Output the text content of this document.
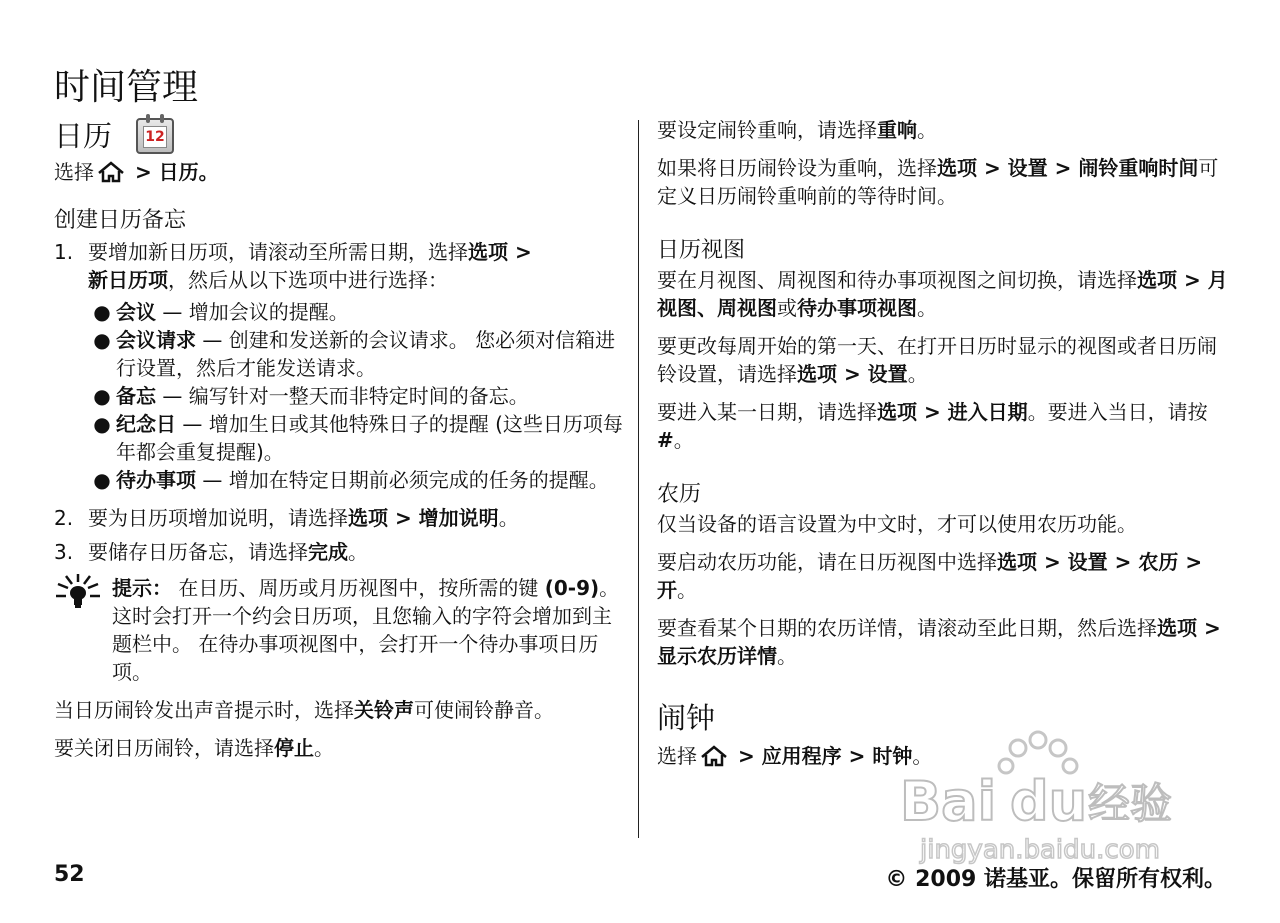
时间管理
日历 12

选择 > 日历。

创建日历备忘
1. 要增加新日历项，请滚动至所需日期，选择选项 >
新日历项，然后从以下选项中进行选择：
● 会议 — 增加会议的提醒。
● 会议请求 — 创建和发送新的会议请求。 您必须对信箱进行设置，然后才能发送请求。
● 备忘 — 编写针对一整天而非特定时间的备忘。
● 纪念日 — 增加生日或其他特殊日子的提醒 (这些日历项每年都会重复提醒)。
● 待办事项 — 增加在特定日期前必须完成的任务的提醒。
2. 要为日历项增加说明，请选择选项 > 增加说明。
3. 要储存日历备忘，请选择完成。

提示： 在日历、周历或月历视图中，按所需的键 (0-9)。 这时会打开一个约会日历项，且您输入的字符会增加到主题栏中。 在待办事项视图中，会打开一个待办事项日历项。

当日历闹铃发出声音提示时，选择关铃声可使闹铃静音。

要关闭日历闹铃，请选择停止。

要设定闹铃重响，请选择重响。

如果将日历闹铃设为重响，选择选项 > 设置 > 闹铃重响时间可定义日历闹铃重响前的等待时间。

日历视图

要在月视图、周视图和待办事项视图之间切换，请选择选项 > 月视图、周视图或待办事项视图。

要更改每周开始的第一天、在打开日历时显示的视图或者日历闹铃设置，请选择选项 > 设置。

要进入某一日期，请选择选项 > 进入日期。要进入当日，请按 #。

农历

仅当设备的语言设置为中文时，才可以使用农历功能。

要启动农历功能，请在日历视图中选择选项 > 设置 > 农历 > 开。

要查看某个日期的农历详情，请滚动至此日期，然后选择选项 > 显示农历详情。

闹钟

选择 > 应用程序 > 时钟。

Bai du 经验
jingyan.baidu.com
52	© 2009 诺基亚。保留所有权利。
